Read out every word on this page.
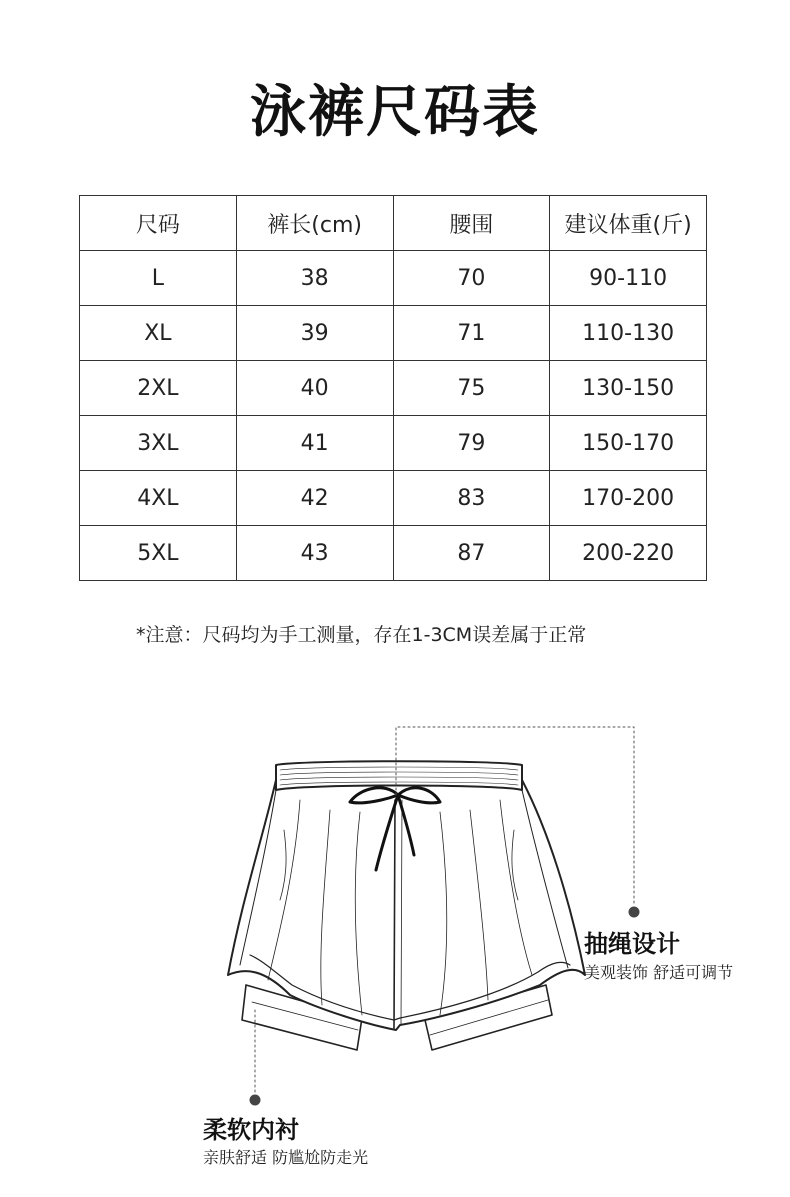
泳裤尺码表
尺码	裤长(cm)	腰围	建议体重(斤)
L	38	70	90-110
XL	39	71	110-130
2XL	40	75	130-150
3XL	41	79	150-170
4XL	42	83	170-200
5XL	43	87	200-220
*注意：尺码均为手工测量，存在1-3CM误差属于正常
抽绳设计
美观装饰 舒适可调节
柔软内衬
亲肤舒适 防尴尬防走光
